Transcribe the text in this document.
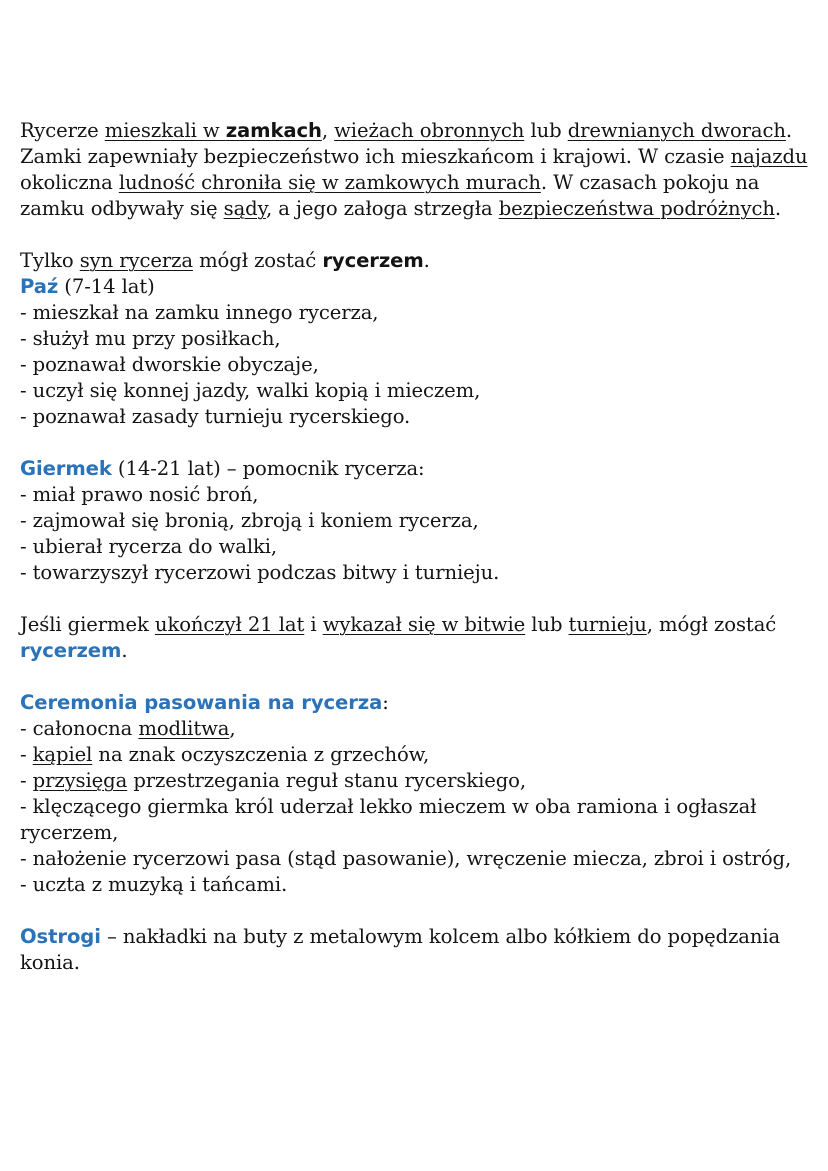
Rycerze mieszkali w zamkach, wieżach obronnych lub drewnianych dworach. Zamki zapewniały bezpieczeństwo ich mieszkańcom i krajowi. W czasie najazdu okoliczna ludność chroniła się w zamkowych murach. W czasach pokoju na zamku odbywały się sądy, a jego załoga strzegła bezpieczeństwa podróżnych.

Tylko syn rycerza mógł zostać rycerzem.

Paź (7-14 lat)
- mieszkał na zamku innego rycerza,
- służył mu przy posiłkach,
- poznawał dworskie obyczaje,
- uczył się konnej jazdy, walki kopią i mieczem,
- poznawał zasady turnieju rycerskiego.
Giermek (14-21 lat) – pomocnik rycerza:
- miał prawo nosić broń,
- zajmował się bronią, zbroją i koniem rycerza,
- ubierał rycerza do walki,
- towarzyszył rycerzowi podczas bitwy i turnieju.

Jeśli giermek ukończył 21 lat i wykazał się w bitwie lub turnieju, mógł zostać rycerzem.

Ceremonia pasowania na rycerza:
- całonocna modlitwa,
- kąpiel na znak oczyszczenia z grzechów,
- przysięga przestrzegania reguł stanu rycerskiego,
- klęczącego giermka król uderzał lekko mieczem w oba ramiona i ogłaszał rycerzem,
- nałożenie rycerzowi pasa (stąd pasowanie), wręczenie miecza, zbroi i ostróg,
- uczta z muzyką i tańcami.

Ostrogi – nakładki na buty z metalowym kolcem albo kółkiem do popędzania konia.
